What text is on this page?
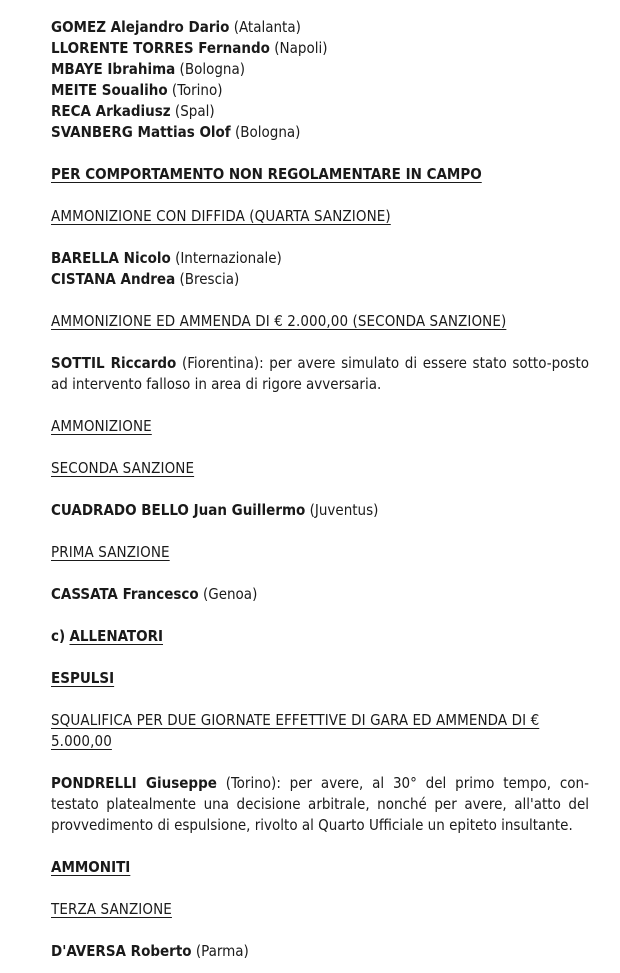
GOMEZ Alejandro Dario (Atalanta)
LLORENTE TORRES Fernando (Napoli)
MBAYE Ibrahima (Bologna)
MEITE Soualiho (Torino)
RECA Arkadiusz (Spal)
SVANBERG Mattias Olof (Bologna)
PER COMPORTAMENTO NON REGOLAMENTARE IN CAMPO
AMMONIZIONE CON DIFFIDA (QUARTA SANZIONE)
BARELLA Nicolo (Internazionale)
CISTANA Andrea (Brescia)
AMMONIZIONE ED AMMENDA DI € 2.000,00 (SECONDA SANZIONE)
SOTTIL Riccardo (Fiorentina): per avere simulato di essere stato sotto-posto ad intervento falloso in area di rigore avversaria.
AMMONIZIONE
SECONDA SANZIONE
CUADRADO BELLO Juan Guillermo (Juventus)
PRIMA SANZIONE
CASSATA Francesco (Genoa)
c) ALLENATORI
ESPULSI
SQUALIFICA PER DUE GIORNATE EFFETTIVE DI GARA ED AMMENDA DI € 5.000,00
PONDRELLI Giuseppe (Torino): per avere, al 30° del primo tempo, con-testato platealmente una decisione arbitrale, nonché per avere, all'atto del provvedimento di espulsione, rivolto al Quarto Ufficiale un epiteto insultante.
AMMONITI
TERZA SANZIONE
D'AVERSA Roberto (Parma)
